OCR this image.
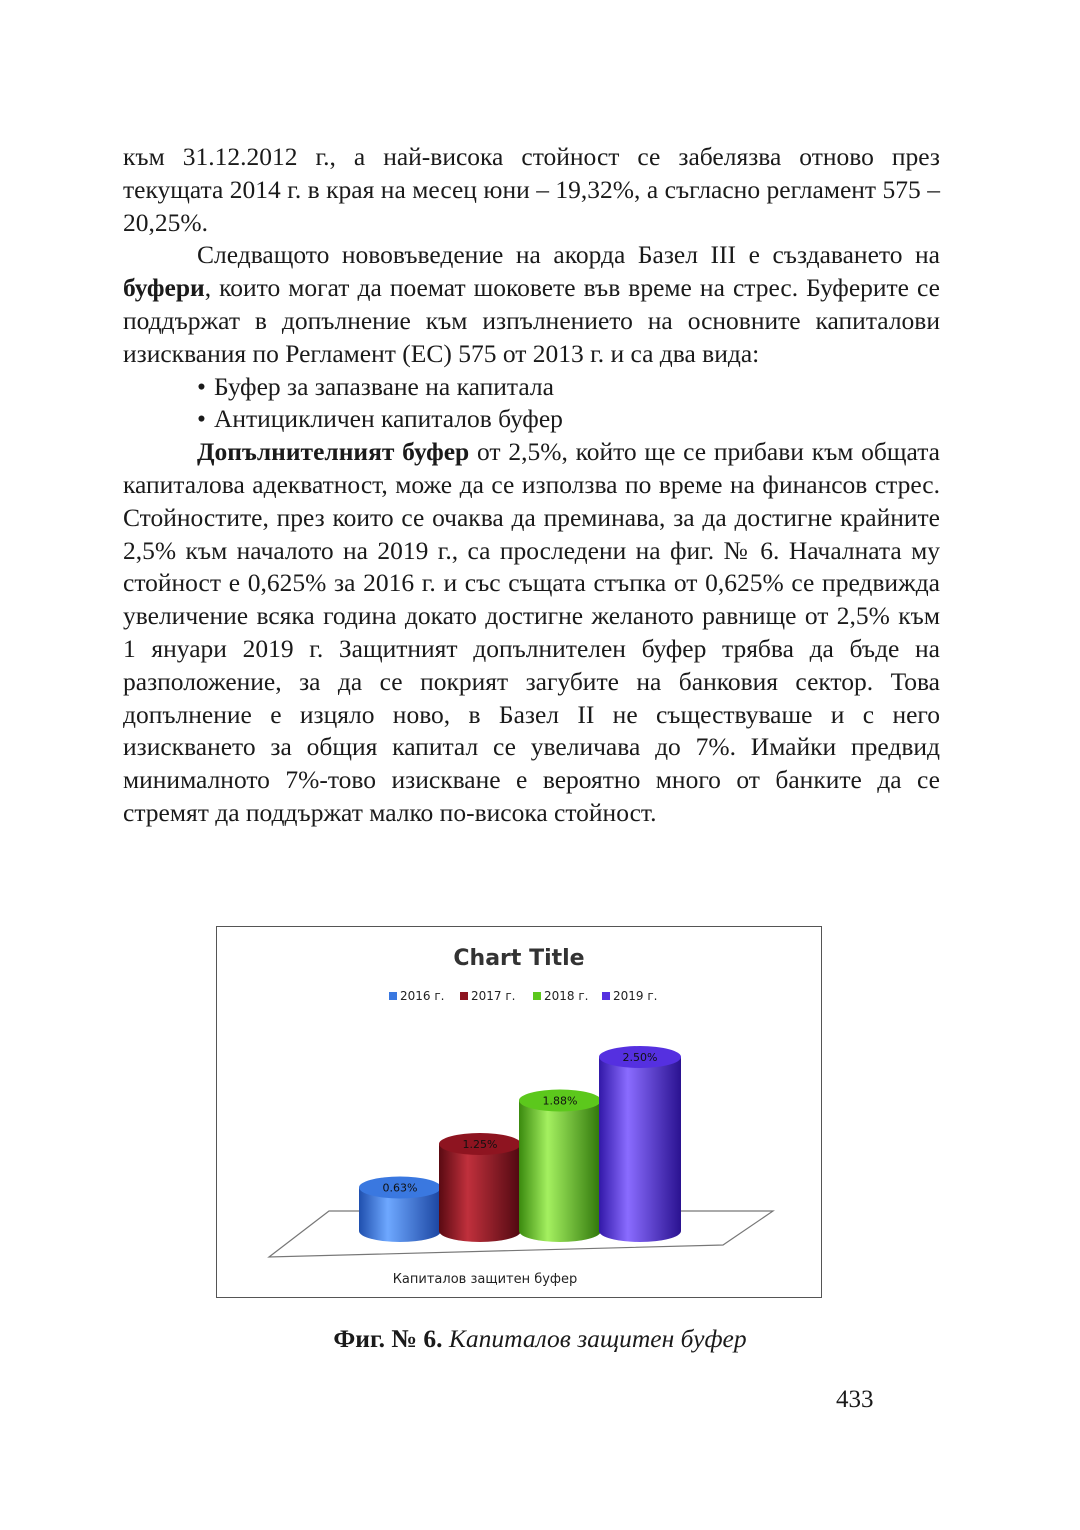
към 31.12.2012 г., а най-висока стойност се забелязва отново през текущата 2014 г. в края на месец юни – 19,32%, а съгласно регламент 575 – 20,25%.

Следващото нововъведение на акорда Базел III е създаването на буфери, които могат да поемат шоковете във време на стрес. Буферите се поддържат в допълнение към изпълнението на основните капиталови изисквания по Регламент (ЕС) 575 от 2013 г. и са два вида:

• Буфер за запазване на капитала
• Антицикличен капиталов буфер

Допълнителният буфер от 2,5%, който ще се прибави към общата капиталова адекватност, може да се използва по време на финансов стрес. Стойностите, през които се очаква да преминава, за да достигне крайните 2,5% към началото на 2019 г., са проследени на фиг. № 6. Началната му стойност е 0,625% за 2016 г. и със същата стъпка от 0,625% се предвижда увеличение всяка година докато достигне желаното равнище от 2,5% към 1 януари 2019 г. Защитният допълнителен буфер трябва да бъде на разположение, за да се покрият загубите на банковия сектор. Това допълнение е изцяло ново, в Базел II не съществуваше и с него изискването за общия капитал се увеличава до 7%. Имайки предвид минималното 7%-тово изискване е вероятно много от банките да се стремят да поддържат малко по-висока стойност.

Chart Title
2016 г. 2017 г. 2018 г. 2019 г.
0.63%
1.25%
1.88%
2.50%
Капиталов защитен буфер
Фиг. № 6. Капиталов защитен буфер
433
